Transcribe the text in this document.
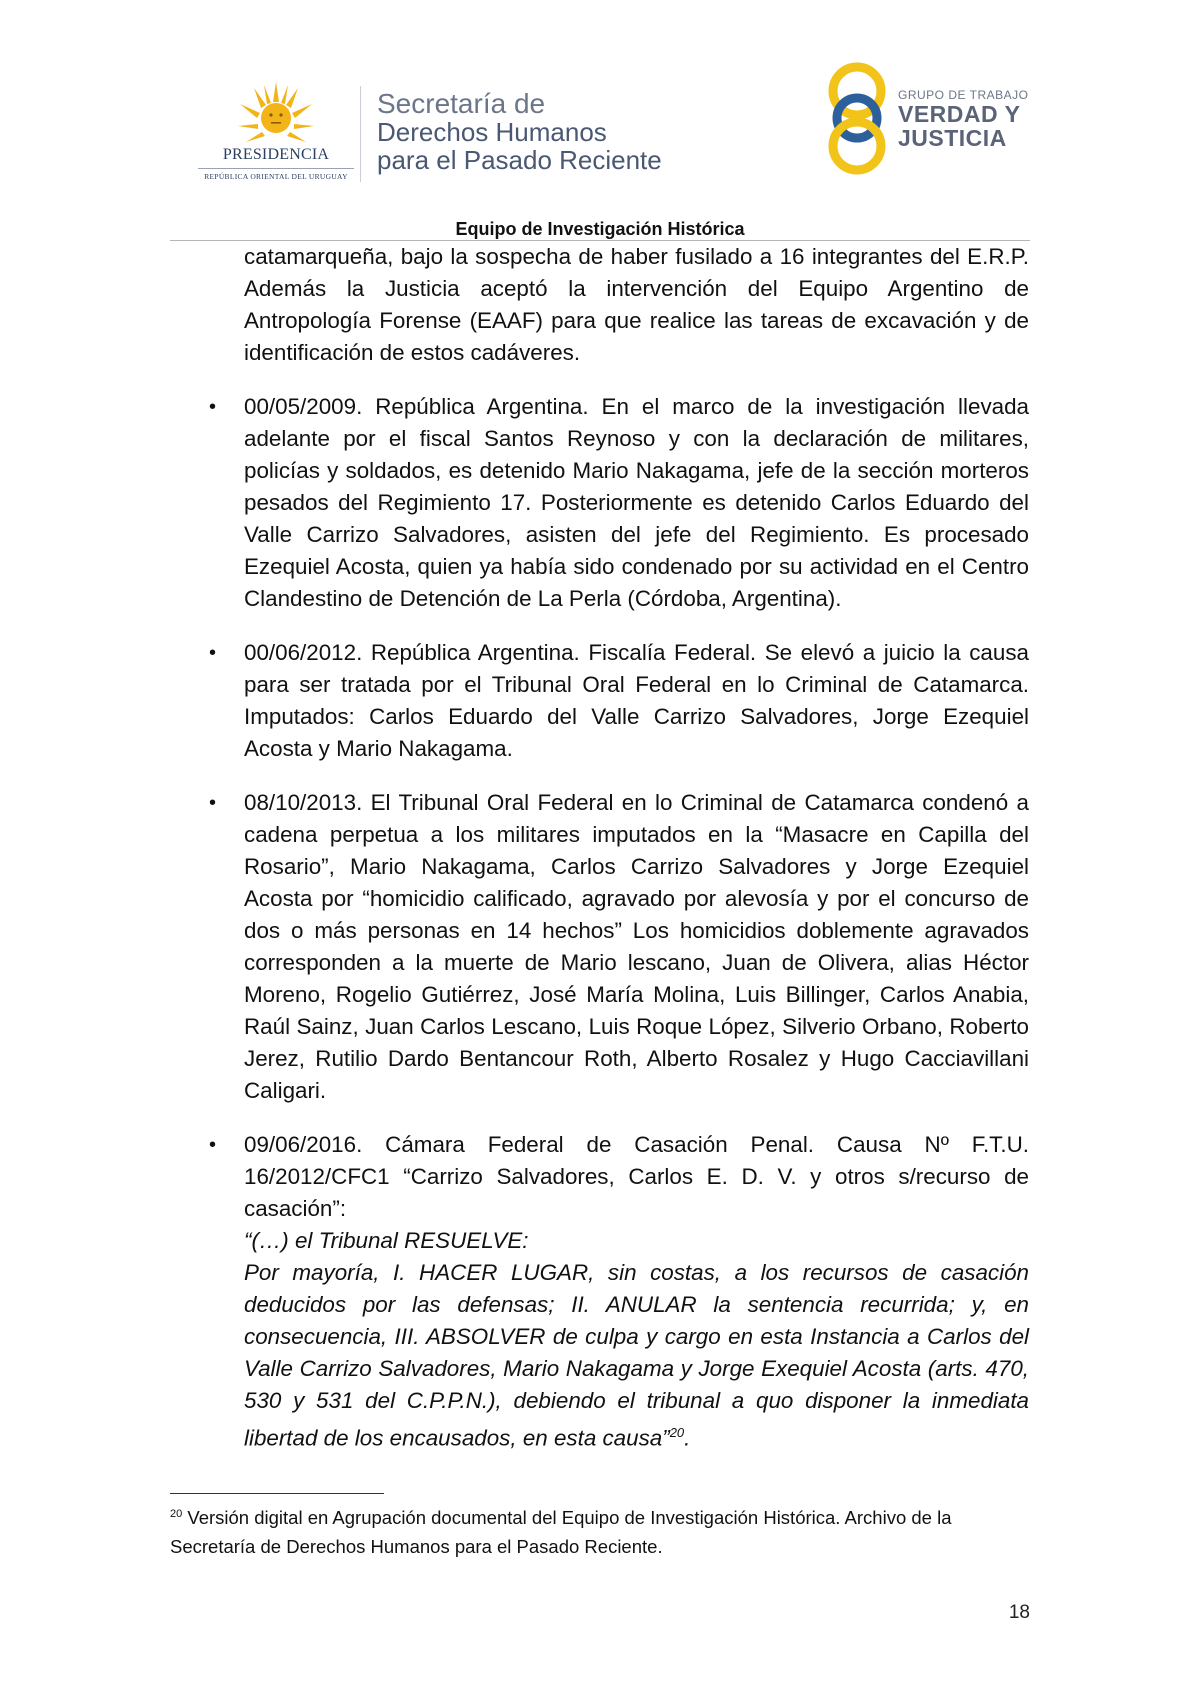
PRESIDENCIA
REPÚBLICA ORIENTAL DEL URUGUAY
Secretaría de
Derechos Humanos
para el Pasado Reciente
GRUPO DE TRABAJO
VERDAD Y
JUSTICIA
Equipo de Investigación Histórica

catamarqueña, bajo la sospecha de haber fusilado a 16 integrantes del E.R.P. Además la Justicia aceptó la intervención del Equipo Argentino de Antropología Forense (EAAF) para que realice las tareas de excavación y de identificación de estos cadáveres.

• 00/05/2009. República Argentina. En el marco de la investigación llevada adelante por el fiscal Santos Reynoso y con la declaración de militares, policías y soldados, es detenido Mario Nakagama, jefe de la sección morteros pesados del Regimiento 17. Posteriormente es detenido Carlos Eduardo del Valle Carrizo Salvadores, asisten del jefe del Regimiento. Es procesado Ezequiel Acosta, quien ya había sido condenado por su actividad en el Centro Clandestino de Detención de La Perla (Córdoba, Argentina).

• 00/06/2012. República Argentina. Fiscalía Federal. Se elevó a juicio la causa para ser tratada por el Tribunal Oral Federal en lo Criminal de Catamarca. Imputados: Carlos Eduardo del Valle Carrizo Salvadores, Jorge Ezequiel Acosta y Mario Nakagama.

• 08/10/2013. El Tribunal Oral Federal en lo Criminal de Catamarca condenó a cadena perpetua a los militares imputados en la “Masacre en Capilla del Rosario”, Mario Nakagama, Carlos Carrizo Salvadores y Jorge Ezequiel Acosta por “homicidio calificado, agravado por alevosía y por el concurso de dos o más personas en 14 hechos” Los homicidios doblemente agravados corresponden a la muerte de Mario lescano, Juan de Olivera, alias Héctor Moreno, Rogelio Gutiérrez, José María Molina, Luis Billinger, Carlos Anabia, Raúl Sainz, Juan Carlos Lescano, Luis Roque López, Silverio Orbano, Roberto Jerez, Rutilio Dardo Bentancour Roth, Alberto Rosalez y Hugo Cacciavillani Caligari.

• 09/06/2016. Cámara Federal de Casación Penal. Causa Nº F.T.U. 16/2012/CFC1 “Carrizo Salvadores, Carlos E. D. V. y otros s/recurso de casación”:

“(…) el Tribunal RESUELVE:

Por mayoría, I. HACER LUGAR, sin costas, a los recursos de casación deducidos por las defensas; II. ANULAR la sentencia recurrida; y, en consecuencia, III. ABSOLVER de culpa y cargo en esta Instancia a Carlos del Valle Carrizo Salvadores, Mario Nakagama y Jorge Exequiel Acosta (arts. 470, 530 y 531 del C.P.P.N.), debiendo el tribunal a quo disponer la inmediata libertad de los encausados, en esta causa”$^{20}$.

$^{20}$ Versión digital en Agrupación documental del Equipo de Investigación Histórica. Archivo de la Secretaría de Derechos Humanos para el Pasado Reciente.
18
